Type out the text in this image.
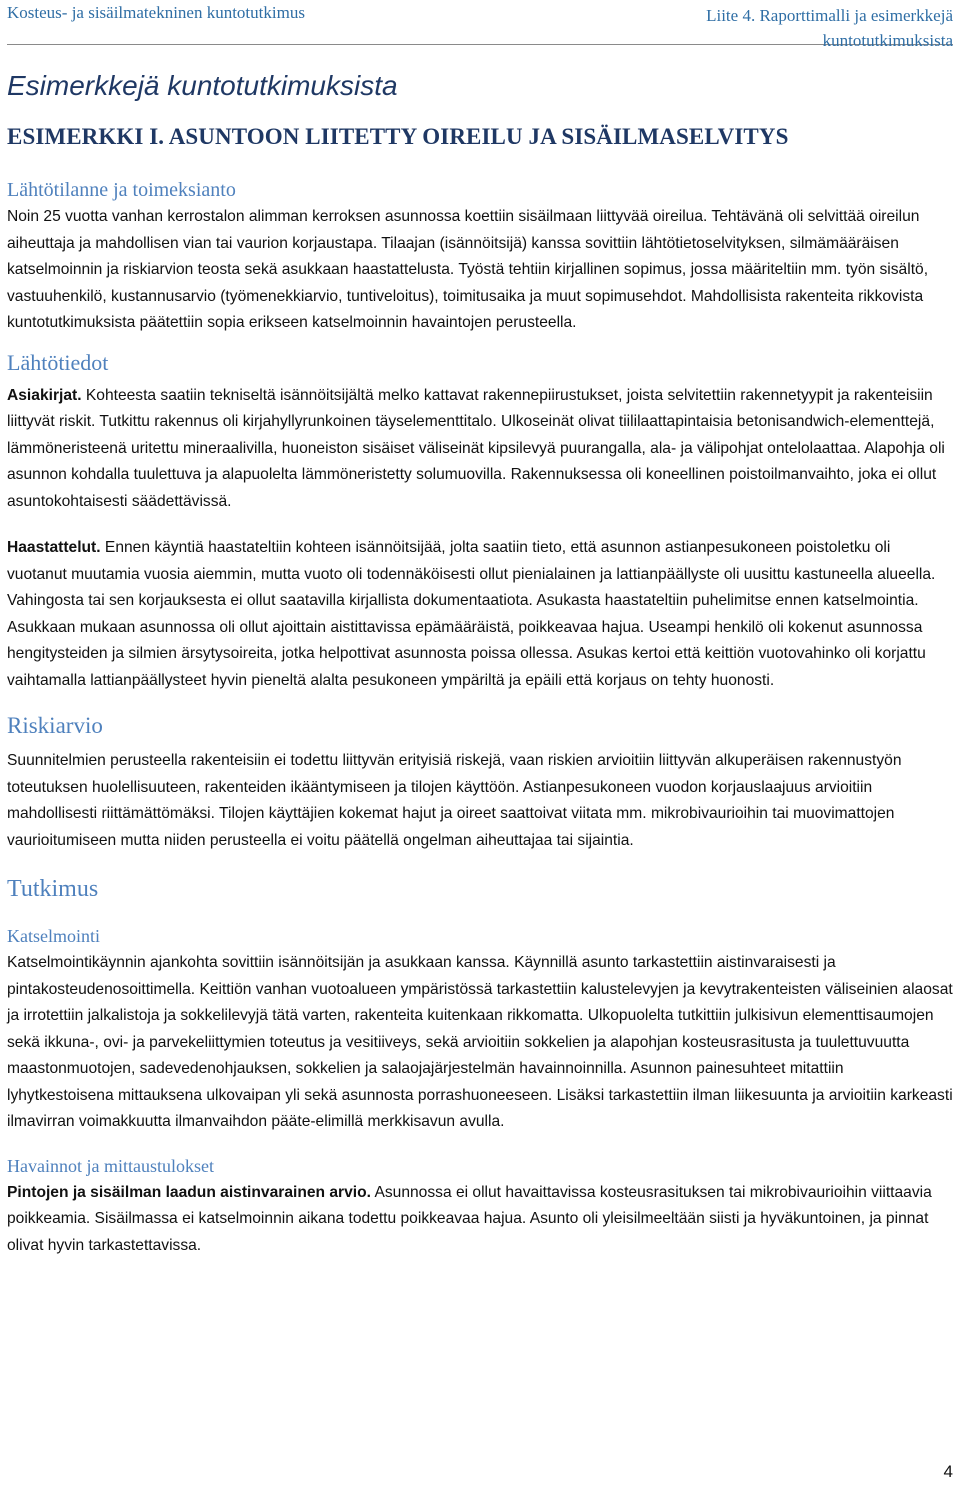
Kosteus- ja sisäilmatekninen kuntotutkimus	Liite 4. Raporttimalli ja esimerkkejä
kuntotutkimuksista
Esimerkkejä kuntotutkimuksista
ESIMERKKI I. ASUNTOON LIITETTY OIREILU JA SISÄILMASELVITYS
Lähtötilanne ja toimeksianto

Noin 25 vuotta vanhan kerrostalon alimman kerroksen asunnossa koettiin sisäilmaan liittyvää oireilua. Tehtävänä oli selvittää oireilun aiheuttaja ja mahdollisen vian tai vaurion korjaustapa. Tilaajan (isännöitsijä) kanssa sovittiin lähtötietoselvityksen, silmämääräisen katselmoinnin ja riskiarvion teosta sekä asukkaan haastattelusta. Työstä tehtiin kirjallinen sopimus, jossa määriteltiin mm. työn sisältö, vastuuhenkilö, kustannusarvio (työmenekkiarvio, tuntiveloitus), toimitusaika ja muut sopimusehdot. Mahdollisista rakenteita rikkovista kuntotutkimuksista päätettiin sopia erikseen katselmoinnin havaintojen perusteella.

Lähtötiedot

Asiakirjat. Kohteesta saatiin tekniseltä isännöitsijältä melko kattavat rakennepiirustukset, joista selvitettiin rakennetyypit ja rakenteisiin liittyvät riskit. Tutkittu rakennus oli kirjahyllyrunkoinen täyselementtitalo. Ulkoseinät olivat tiililaattapintaisia betonisandwich-elementtejä, lämmöneristeenä uritettu mineraalivilla, huoneiston sisäiset väliseinät kipsilevyä puurangalla, ala- ja välipohjat ontelolaattaa. Alapohja oli asunnon kohdalla tuulettuva ja alapuolelta lämmöneristetty solumuovilla. Rakennuksessa oli koneellinen poistoilmanvaihto, joka ei ollut asuntokohtaisesti säädettävissä.

Haastattelut. Ennen käyntiä haastateltiin kohteen isännöitsijää, jolta saatiin tieto, että asunnon astianpesukoneen poistoletku oli vuotanut muutamia vuosia aiemmin, mutta vuoto oli todennäköisesti ollut pienialainen ja lattianpäällyste oli uusittu kastuneella alueella. Vahingosta tai sen korjauksesta ei ollut saatavilla kirjallista dokumentaatiota. Asukasta haastateltiin puhelimitse ennen katselmointia. Asukkaan mukaan asunnossa oli ollut ajoittain aistittavissa epämääräistä, poikkeavaa hajua. Useampi henkilö oli kokenut asunnossa hengitysteiden ja silmien ärsytysoireita, jotka helpottivat asunnosta poissa ollessa. Asukas kertoi että keittiön vuotovahinko oli korjattu vaihtamalla lattianpäällysteet hyvin pieneltä alalta pesukoneen ympäriltä ja epäili että korjaus on tehty huonosti.

Riskiarvio

Suunnitelmien perusteella rakenteisiin ei todettu liittyvän erityisiä riskejä, vaan riskien arvioitiin liittyvän alkuperäisen rakennustyön toteutuksen huolellisuuteen, rakenteiden ikääntymiseen ja tilojen käyttöön. Astianpesukoneen vuodon korjauslaajuus arvioitiin mahdollisesti riittämättömäksi. Tilojen käyttäjien kokemat hajut ja oireet saattoivat viitata mm. mikrobivaurioihin tai muovimattojen vaurioitumiseen mutta niiden perusteella ei voitu päätellä ongelman aiheuttajaa tai sijaintia.

Tutkimus
Katselmointi

Katselmointikäynnin ajankohta sovittiin isännöitsijän ja asukkaan kanssa. Käynnillä asunto tarkastettiin aistinvaraisesti ja pintakosteudenosoittimella. Keittiön vanhan vuotoalueen ympäristössä tarkastettiin kalustelevyjen ja kevytrakenteisten väliseinien alaosat ja irrotettiin jalkalistoja ja sokkelilevyjä tätä varten, rakenteita kuitenkaan rikkomatta. Ulkopuolelta tutkittiin julkisivun elementtisaumojen sekä ikkuna-, ovi- ja parvekeliittymien toteutus ja vesitiiveys, sekä arvioitiin sokkelien ja alapohjan kosteusrasitusta ja tuulettuvuutta maastonmuotojen, sadevedenohjauksen, sokkelien ja salaojajärjestelmän havainnoinnilla. Asunnon painesuhteet mitattiin lyhytkestoisena mittauksena ulkovaipan yli sekä asunnosta porrashuoneeseen. Lisäksi tarkastettiin ilman liikesuunta ja arvioitiin karkeasti ilmavirran voimakkuutta ilmanvaihdon pääte-elimillä merkkisavun avulla.

Havainnot ja mittaustulokset

Pintojen ja sisäilman laadun aistinvarainen arvio. Asunnossa ei ollut havaittavissa kosteusrasituksen tai mikrobivaurioihin viittaavia poikkeamia. Sisäilmassa ei katselmoinnin aikana todettu poikkeavaa hajua. Asunto oli yleisilmeeltään siisti ja hyväkuntoinen, ja pinnat olivat hyvin tarkastettavissa.

4
